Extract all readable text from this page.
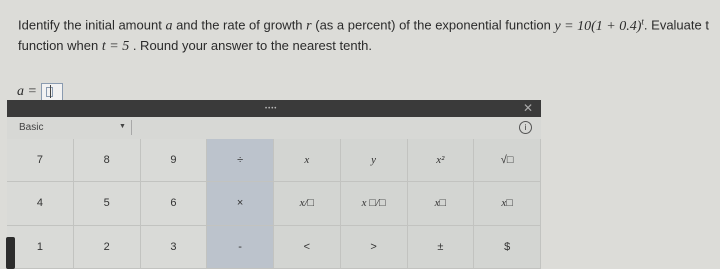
Identify the initial amount a and the rate of growth r (as a percent) of the exponential function $y = 10(1 + 0.4)^t$. Evaluate t
function when t = 5 . Round your answer to the nearest tenth.
a =
••••	✕
Basic	▼	i
7	8	9	÷	x	y	x²	√□
4	5	6	×	x/□	x □/□	x□	x□
1	2	3	-	<	>	±	$
